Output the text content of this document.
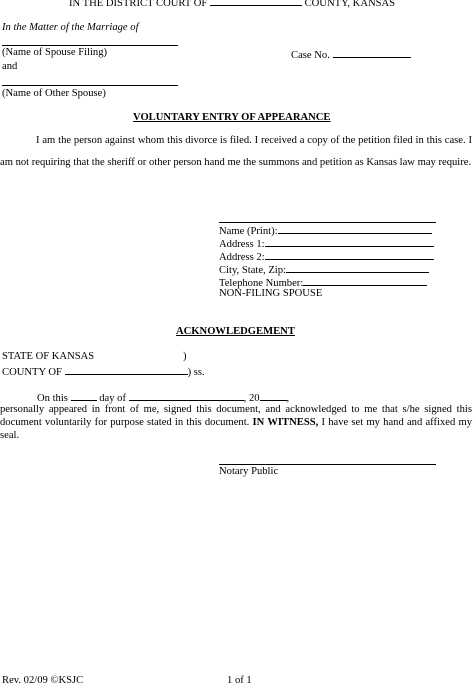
IN THE DISTRICT COURT OF	COUNTY, KANSAS
In the Matter of the Marriage of
(Name of Spouse Filing)
and
Case No.
(Name of Other Spouse)
VOLUNTARY ENTRY OF APPEARANCE
I am the person against whom this divorce is filed. I received a copy of the petition filed in this case. I am not requiring that the sheriff or other person hand me the summons and petition as Kansas law may require.
Name (Print):
Address 1:
Address 2:
City, State, Zip:
Telephone Number:
NON-FILING SPOUSE
ACKNOWLEDGEMENT
STATE OF KANSAS	)
COUNTY OF	) ss.
On this	day of	, 20	,
personally appeared in front of me, signed this document, and acknowledged to me that s/he signed this document voluntarily for purpose stated in this document. IN WITNESS, I have set my hand and affixed my seal.
Notary Public
Rev. 02/09 ©KSJC	1 of 1
